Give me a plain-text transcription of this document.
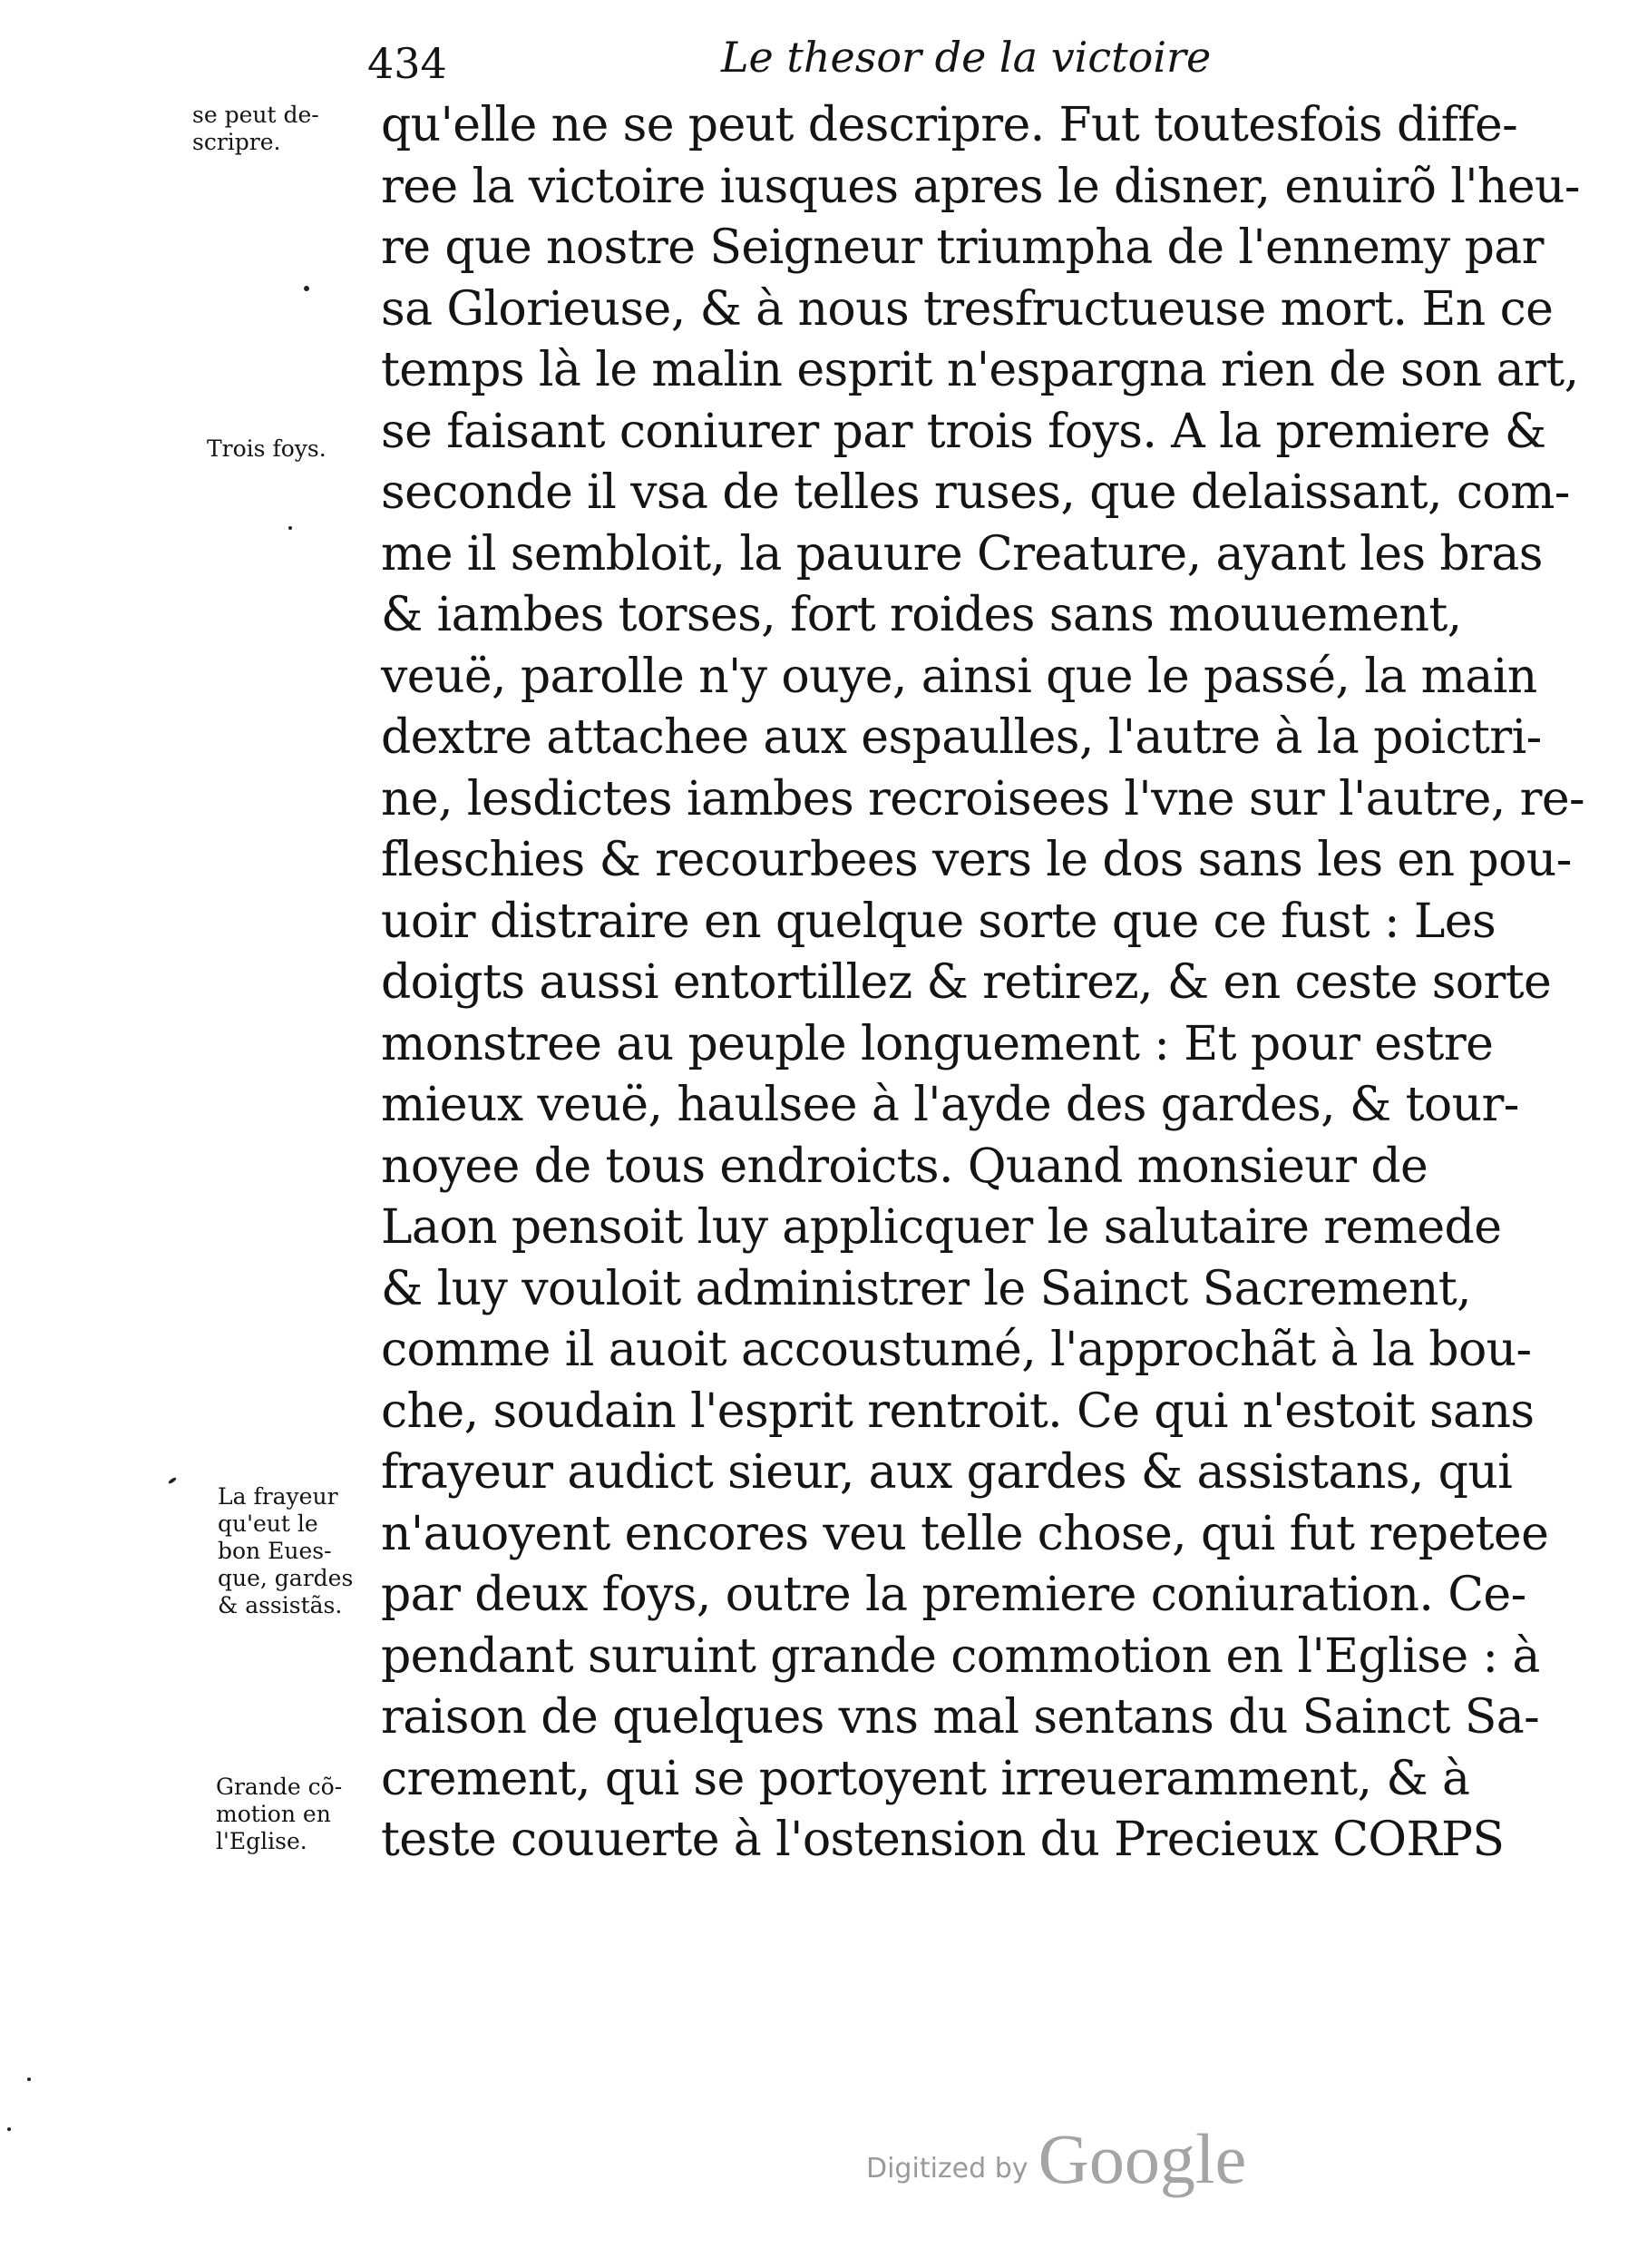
434	Le thesor de la victoire
se peut de-
scripre.
Trois foys.
La frayeur
qu'eut le
bon Eues-
que, gardes
& assistãs.
Grande cõ-
motion en
l'Eglise.
qu'elle ne se peut descripre. Fut toutesfois diffe-
ree la victoire iusques apres le disner, enuirõ l'heu-
re que nostre Seigneur triumpha de l'ennemy par
sa Glorieuse, & à nous tresfructueuse mort. En ce
temps là le malin esprit n'espargna rien de son art,
se faisant coniurer par trois foys. A la premiere &
seconde il vsa de telles ruses, que delaissant, com-
me il sembloit, la pauure Creature, ayant les bras
& iambes torses, fort roides sans mouuement,
veuë, parolle n'y ouye, ainsi que le passé, la main
dextre attachee aux espaulles, l'autre à la poictri-
ne, lesdictes iambes recroisees l'vne sur l'autre, re-
fleschies & recourbees vers le dos sans les en pou-
uoir distraire en quelque sorte que ce fust : Les
doigts aussi entortillez & retirez, & en ceste sorte
monstree au peuple longuement : Et pour estre
mieux veuë, haulsee à l'ayde des gardes, & tour-
noyee de tous endroicts. Quand monsieur de
Laon pensoit luy applicquer le salutaire remede
& luy vouloit administrer le Sainct Sacrement,
comme il auoit accoustumé, l'approchãt à la bou-
che, soudain l'esprit rentroit. Ce qui n'estoit sans
frayeur audict sieur, aux gardes & assistans, qui
n'auoyent encores veu telle chose, qui fut repetee
par deux foys, outre la premiere coniuration. Ce-
pendant suruint grande commotion en l'Eglise : à
raison de quelques vns mal sentans du Sainct Sa-
crement, qui se portoyent irreueramment, & à
teste couuerte à l'ostension du Precieux CORPS
Digitized by Google
